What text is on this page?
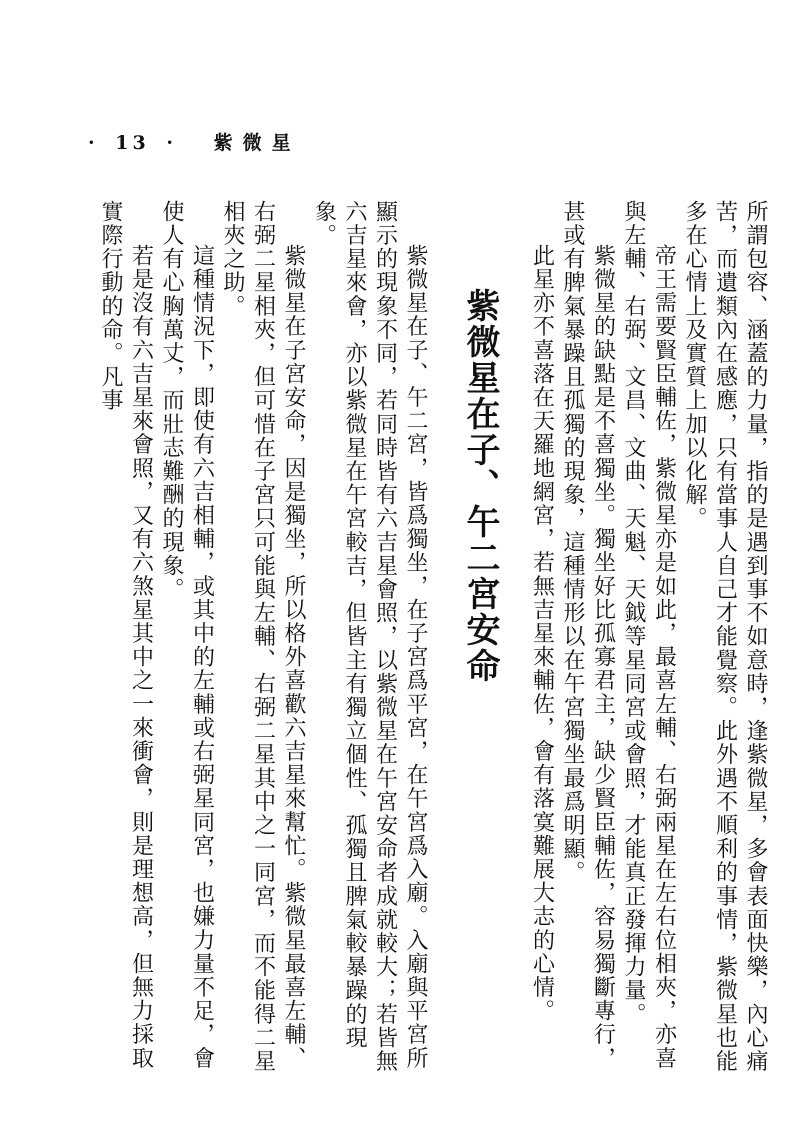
· 13 · 紫微星

所謂包容、涵蓋的力量，指的是遇到事不如意時，逢紫微星，多會表面快樂，內心痛苦，而遺類內在感應，只有當事人自己才能覺察。此外遇不順利的事情，紫微星也能多在心情上及實質上加以化解。

帝王需要賢臣輔佐，紫微星亦是如此，最喜左輔、右弼兩星在左右位相夾，亦喜與左輔、右弼、文昌、文曲、天魁、天鉞等星同宮或會照，才能真正發揮力量。

紫微星的缺點是不喜獨坐。獨坐好比孤寡君主，缺少賢臣輔佐，容易獨斷專行，甚或有脾氣暴躁且孤獨的現象，這種情形以在午宮獨坐最爲明顯。

此星亦不喜落在天羅地網宮，若無吉星來輔佐，會有落寞難展大志的心情。

紫微星在子、午二宮安命

紫微星在子、午二宮，皆爲獨坐，在子宮爲平宮，在午宮爲入廟。入廟與平宮所顯示的現象不同，若同時皆有六吉星會照，以紫微星在午宮安命者成就較大；若皆無六吉星來會，亦以紫微星在午宮較吉，但皆主有獨立個性、孤獨且脾氣較暴躁的現象。

紫微星在子宮安命，因是獨坐，所以格外喜歡六吉星來幫忙。紫微星最喜左輔、右弼二星相夾，但可惜在子宮只可能與左輔、右弼二星其中之一同宮，而不能得二星相夾之助。

這種情況下，即使有六吉相輔，或其中的左輔或右弼星同宮，也嫌力量不足，會使人有心胸萬丈，而壯志難酬的現象。

若是沒有六吉星來會照，又有六煞星其中之一來衝會，則是理想高，但無力採取實際行動的命。凡事
